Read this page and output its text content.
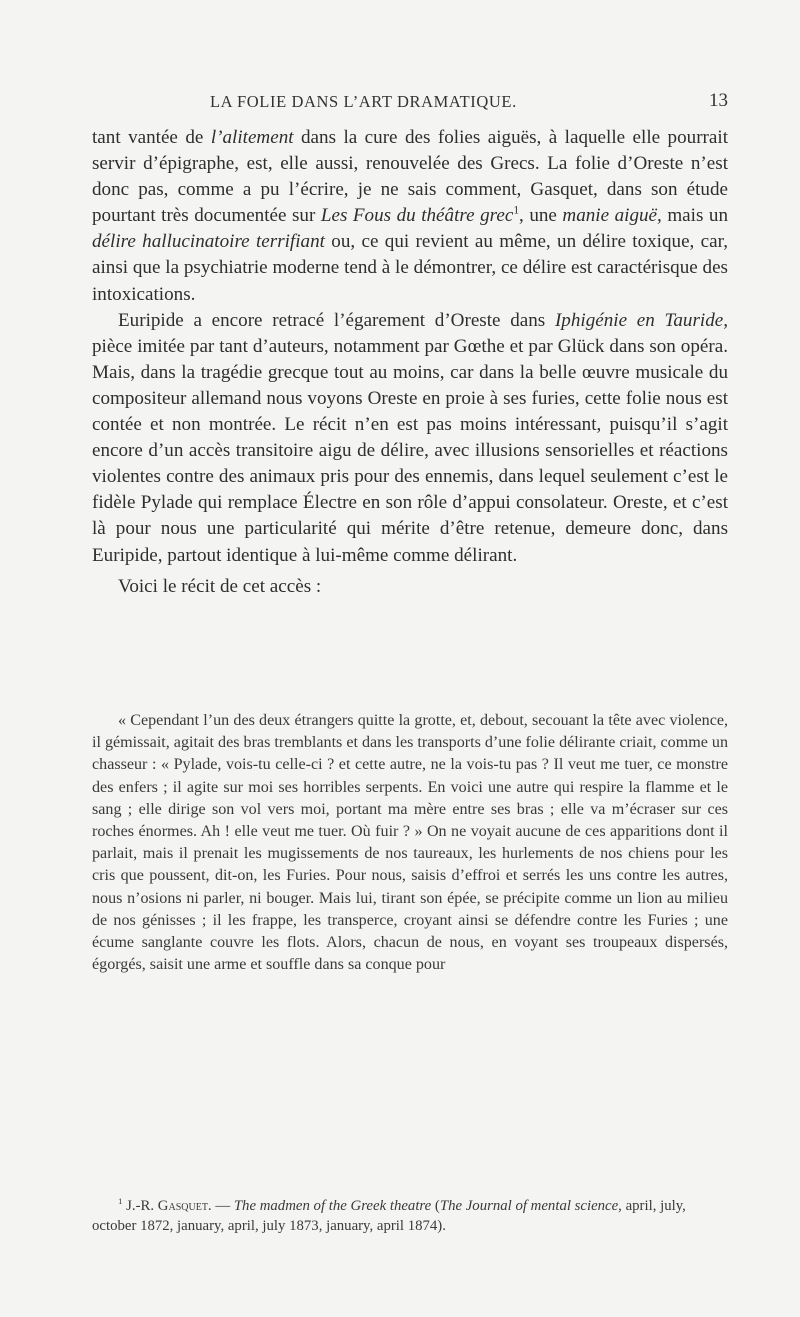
LA FOLIE DANS L’ART DRAMATIQUE.	13

tant vantée de l’alitement dans la cure des folies aiguës, à laquelle elle pourrait servir d’épigraphe, est, elle aussi, renouvelée des Grecs. La folie d’Oreste n’est donc pas, comme a pu l’écrire, je ne sais comment, Gasquet, dans son étude pourtant très documentée sur Les Fous du théâtre grec$^1$, une manie aiguë, mais un délire hallucinatoire terrifiant ou, ce qui revient au même, un délire toxique, car, ainsi que la psychiatrie moderne tend à le démontrer, ce délire est caractérisque des intoxications.

Euripide a encore retracé l’égarement d’Oreste dans Iphigénie en Tauride, pièce imitée par tant d’auteurs, notamment par Gœthe et par Glück dans son opéra. Mais, dans la tragédie grecque tout au moins, car dans la belle œuvre musicale du compositeur allemand nous voyons Oreste en proie à ses furies, cette folie nous est contée et non montrée. Le récit n’en est pas moins intéressant, puisqu’il s’agit encore d’un accès transitoire aigu de délire, avec illusions sensorielles et réactions violentes contre des animaux pris pour des ennemis, dans lequel seulement c’est le fidèle Pylade qui remplace Électre en son rôle d’appui consolateur. Oreste, et c’est là pour nous une particularité qui mérite d’être retenue, demeure donc, dans Euripide, partout identique à lui-même comme délirant.

Voici le récit de cet accès :

« Cependant l’un des deux étrangers quitte la grotte, et, debout, secouant la tête avec violence, il gémissait, agitait des bras tremblants et dans les transports d’une folie délirante criait, comme un chasseur : « Pylade, vois-tu celle-ci ? et cette autre, ne la vois-tu pas ? Il veut me tuer, ce monstre des enfers ; il agite sur moi ses horribles serpents. En voici une autre qui respire la flamme et le sang ; elle dirige son vol vers moi, portant ma mère entre ses bras ; elle va m’écraser sur ces roches énormes. Ah ! elle veut me tuer. Où fuir ? » On ne voyait aucune de ces apparitions dont il parlait, mais il prenait les mugissements de nos taureaux, les hurlements de nos chiens pour les cris que poussent, dit-on, les Furies. Pour nous, saisis d’effroi et serrés les uns contre les autres, nous n’osions ni parler, ni bouger. Mais lui, tirant son épée, se précipite comme un lion au milieu de nos génisses ; il les frappe, les transperce, croyant ainsi se défendre contre les Furies ; une écume sanglante couvre les flots. Alors, chacun de nous, en voyant ses troupeaux dispersés, égorgés, saisit une arme et souffle dans sa conque pour

$^1$ J.-R. Gasquet. — The madmen of the Greek theatre (The Journal of mental science, april, july, october 1872, january, april, july 1873, january, april 1874).
